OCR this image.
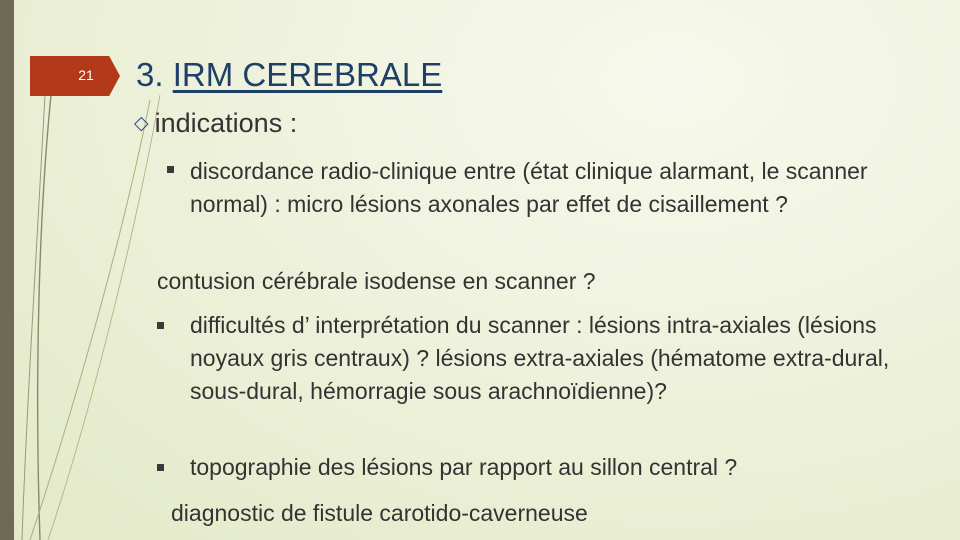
21 3. IRM CEREBRALE
◇ indications :
discordance radio-clinique entre (état clinique alarmant, le scanner normal) : micro lésions axonales par effet de cisaillement ?
contusion cérébrale isodense en scanner ?
difficultés d’ interprétation du scanner : lésions intra-axiales (lésions noyaux gris centraux) ? lésions extra-axiales (hématome extra-dural, sous-dural, hémorragie sous arachnoïdienne)?
topographie des lésions par rapport au sillon central ?
diagnostic de fistule carotido-caverneuse
